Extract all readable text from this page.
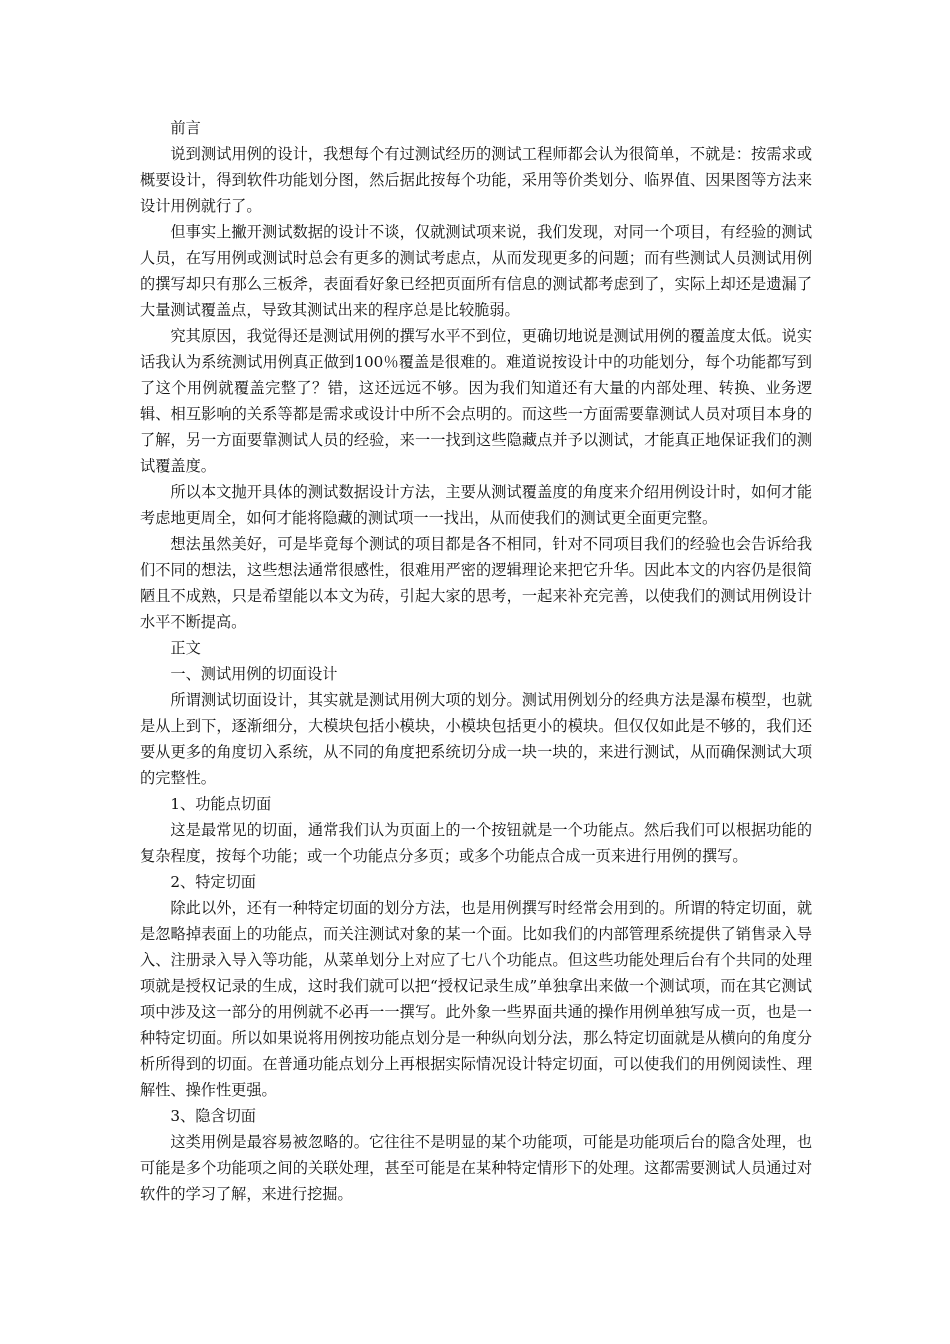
前言

说到测试用例的设计，我想每个有过测试经历的测试工程师都会认为很简单，不就是：按需求或概要设计，得到软件功能划分图，然后据此按每个功能，采用等价类划分、临界值、因果图等方法来设计用例就行了。

但事实上撇开测试数据的设计不谈，仅就测试项来说，我们发现，对同一个项目，有经验的测试人员，在写用例或测试时总会有更多的测试考虑点，从而发现更多的问题；而有些测试人员测试用例的撰写却只有那么三板斧，表面看好象已经把页面所有信息的测试都考虑到了，实际上却还是遗漏了大量测试覆盖点，导致其测试出来的程序总是比较脆弱。

究其原因，我觉得还是测试用例的撰写水平不到位，更确切地说是测试用例的覆盖度太低。说实话我认为系统测试用例真正做到100％覆盖是很难的。难道说按设计中的功能划分，每个功能都写到了这个用例就覆盖完整了？错，这还远远不够。因为我们知道还有大量的内部处理、转换、业务逻辑、相互影响的关系等都是需求或设计中所不会点明的。而这些一方面需要靠测试人员对项目本身的了解，另一方面要靠测试人员的经验，来一一找到这些隐藏点并予以测试，才能真正地保证我们的测试覆盖度。

所以本文抛开具体的测试数据设计方法，主要从测试覆盖度的角度来介绍用例设计时，如何才能考虑地更周全，如何才能将隐藏的测试项一一找出，从而使我们的测试更全面更完整。

想法虽然美好，可是毕竟每个测试的项目都是各不相同，针对不同项目我们的经验也会告诉给我们不同的想法，这些想法通常很感性，很难用严密的逻辑理论来把它升华。因此本文的内容仍是很简陋且不成熟，只是希望能以本文为砖，引起大家的思考，一起来补充完善，以使我们的测试用例设计水平不断提高。

正文
一、测试用例的切面设计

所谓测试切面设计，其实就是测试用例大项的划分。测试用例划分的经典方法是瀑布模型，也就是从上到下，逐渐细分，大模块包括小模块，小模块包括更小的模块。但仅仅如此是不够的，我们还要从更多的角度切入系统，从不同的角度把系统切分成一块一块的，来进行测试，从而确保测试大项的完整性。

1、功能点切面

这是最常见的切面，通常我们认为页面上的一个按钮就是一个功能点。然后我们可以根据功能的复杂程度，按每个功能；或一个功能点分多页；或多个功能点合成一页来进行用例的撰写。

2、特定切面

除此以外，还有一种特定切面的划分方法，也是用例撰写时经常会用到的。所谓的特定切面，就是忽略掉表面上的功能点，而关注测试对象的某一个面。比如我们的内部管理系统提供了销售录入导入、注册录入导入等功能，从菜单划分上对应了七八个功能点。但这些功能处理后台有个共同的处理项就是授权记录的生成，这时我们就可以把“授权记录生成”单独拿出来做一个测试项，而在其它测试项中涉及这一部分的用例就不必再一一撰写。此外象一些界面共通的操作用例单独写成一页，也是一种特定切面。所以如果说将用例按功能点划分是一种纵向划分法，那么特定切面就是从横向的角度分析所得到的切面。在普通功能点划分上再根据实际情况设计特定切面，可以使我们的用例阅读性、理解性、操作性更强。

3、隐含切面

这类用例是最容易被忽略的。它往往不是明显的某个功能项，可能是功能项后台的隐含处理，也可能是多个功能项之间的关联处理，甚至可能是在某种特定情形下的处理。这都需要测试人员通过对软件的学习了解，来进行挖掘。
